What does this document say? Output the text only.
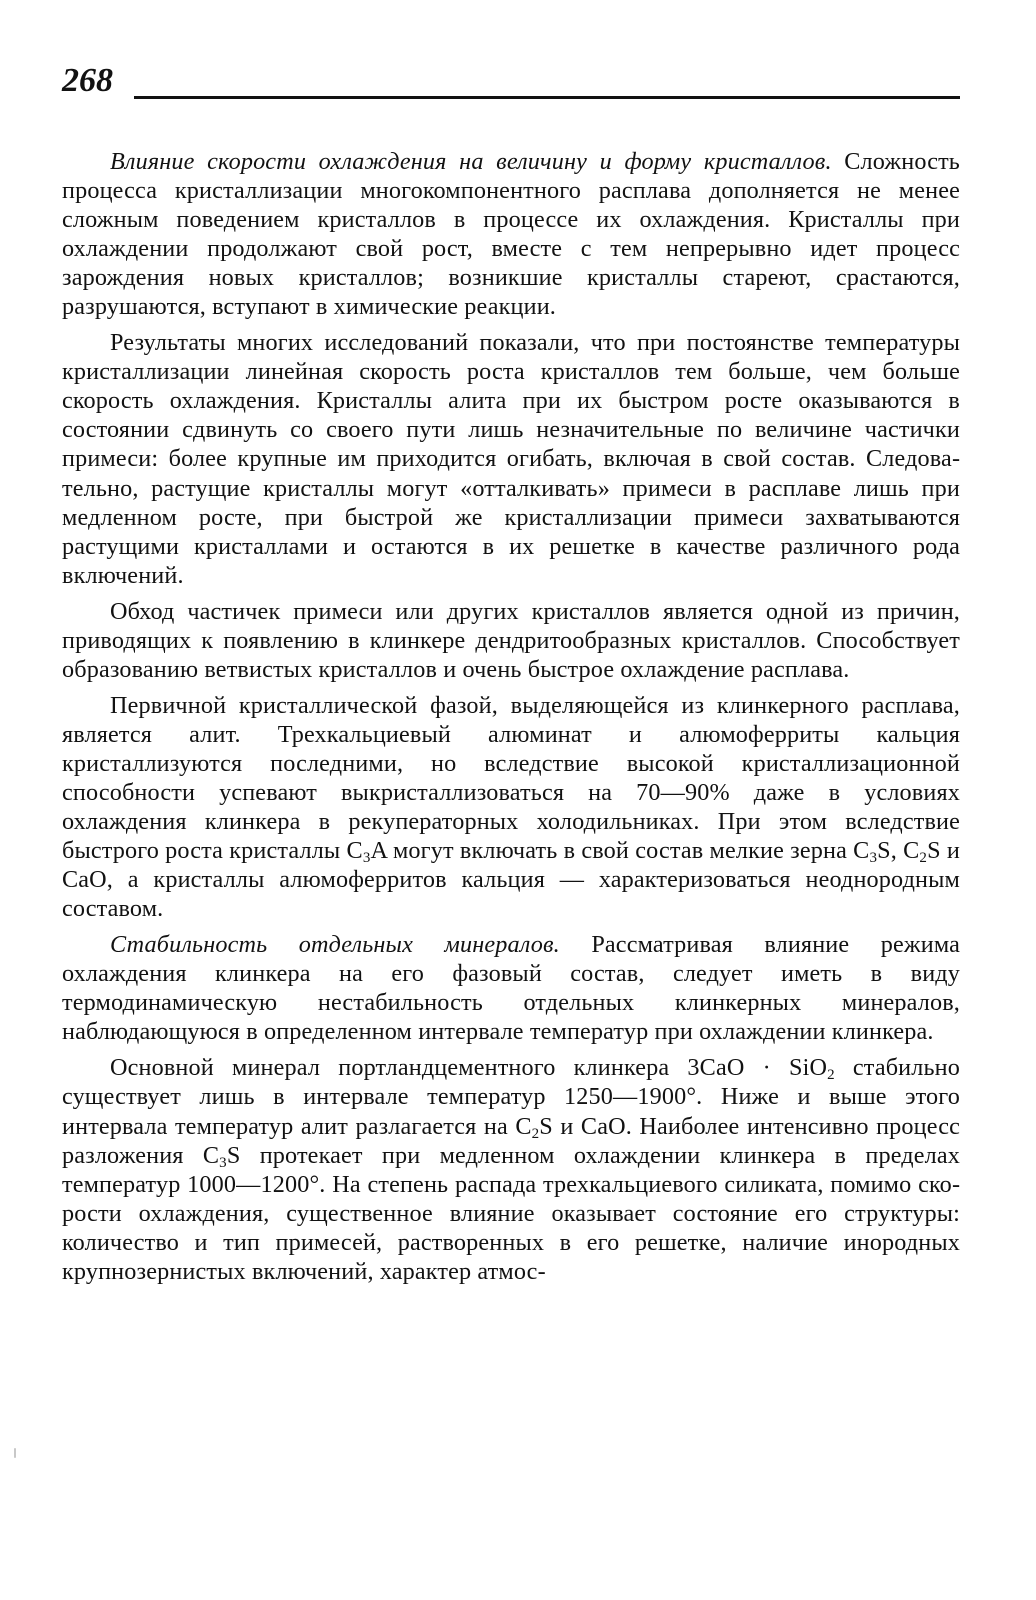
268

Влияние скорости охлаждения на величину и форму кристаллов. Сложность процесса кристаллизации многокомпонентного расплава дополняется не менее сложным поведением кристаллов в процессе их охлаждения. Кристаллы при охлаждении продолжают свой рост, вместе с тем непрерывно идет процесс зарождения новых кристаллов; возникшие кристаллы стареют, срастаются, разрушаются, вступают в химические реакции.

Результаты многих исследований показали, что при постоянстве температуры кристаллизации линейная скорость роста кристаллов тем больше, чем больше скорость охлаждения. Кристаллы алита при их быстром росте оказываются в состоянии сдвинуть со своего пути лишь незначительные по величине частички примеси: более крупные им приходится огибать, включая в свой состав. Следовательно, растущие кристаллы могут «отталкивать» примеси в расплаве лишь при медленном росте, при быстрой же кристаллизации примеси захватываются растущими кристаллами и остаются в их решетке в качестве различного рода включений.

Обход частичек примеси или других кристаллов является одной из причин, приводящих к появлению в клинкере дендритообразных кристаллов. Способствует образованию ветвистых кристаллов и очень быстрое охлаждение расплава.

Первичной кристаллической фазой, выделяющейся из клинкерного расплава, является алит. Трехкальциевый алюминат и алюмоферриты кальция кристаллизуются последними, но вследствие высокой кристаллизационной способности успевают выкристаллизоваться на 70—90% даже в условиях охлаждения клинкера в рекуператорных холодильниках. При этом вследствие быстрого роста кристаллы $C_3A$ могут включать в свой состав мелкие зерна $C_3S$, $C_2S$ и CaO, а кристаллы алюмоферритов кальция — характеризоваться неоднородным составом.

Стабильность отдельных минералов. Рассматривая влияние режима охлаждения клинкера на его фазовый состав, следует иметь в виду термодинамическую нестабильность отдельных клинкерных минералов, наблюдающуюся в определенном интервале температур при охлаждении клинкера.

Основной минерал портландцементного клинкера 3CaO · SiO$_2$ стабильно существует лишь в интервале температур 1250—1900°. Ниже и выше этого интервала температур алит разлагается на $C_2S$ и CaO. Наиболее интенсивно процесс разложения $C_3S$ протекает при медленном охлаждении клинкера в пределах температур 1000—1200°. На степень распада трехкальциевого силиката, помимо скорости охлаждения, существенное влияние оказывает состояние его структуры: количество и тип примесей, растворенных в его решетке, наличие инородных крупнозернистых включений, характер атмос-
